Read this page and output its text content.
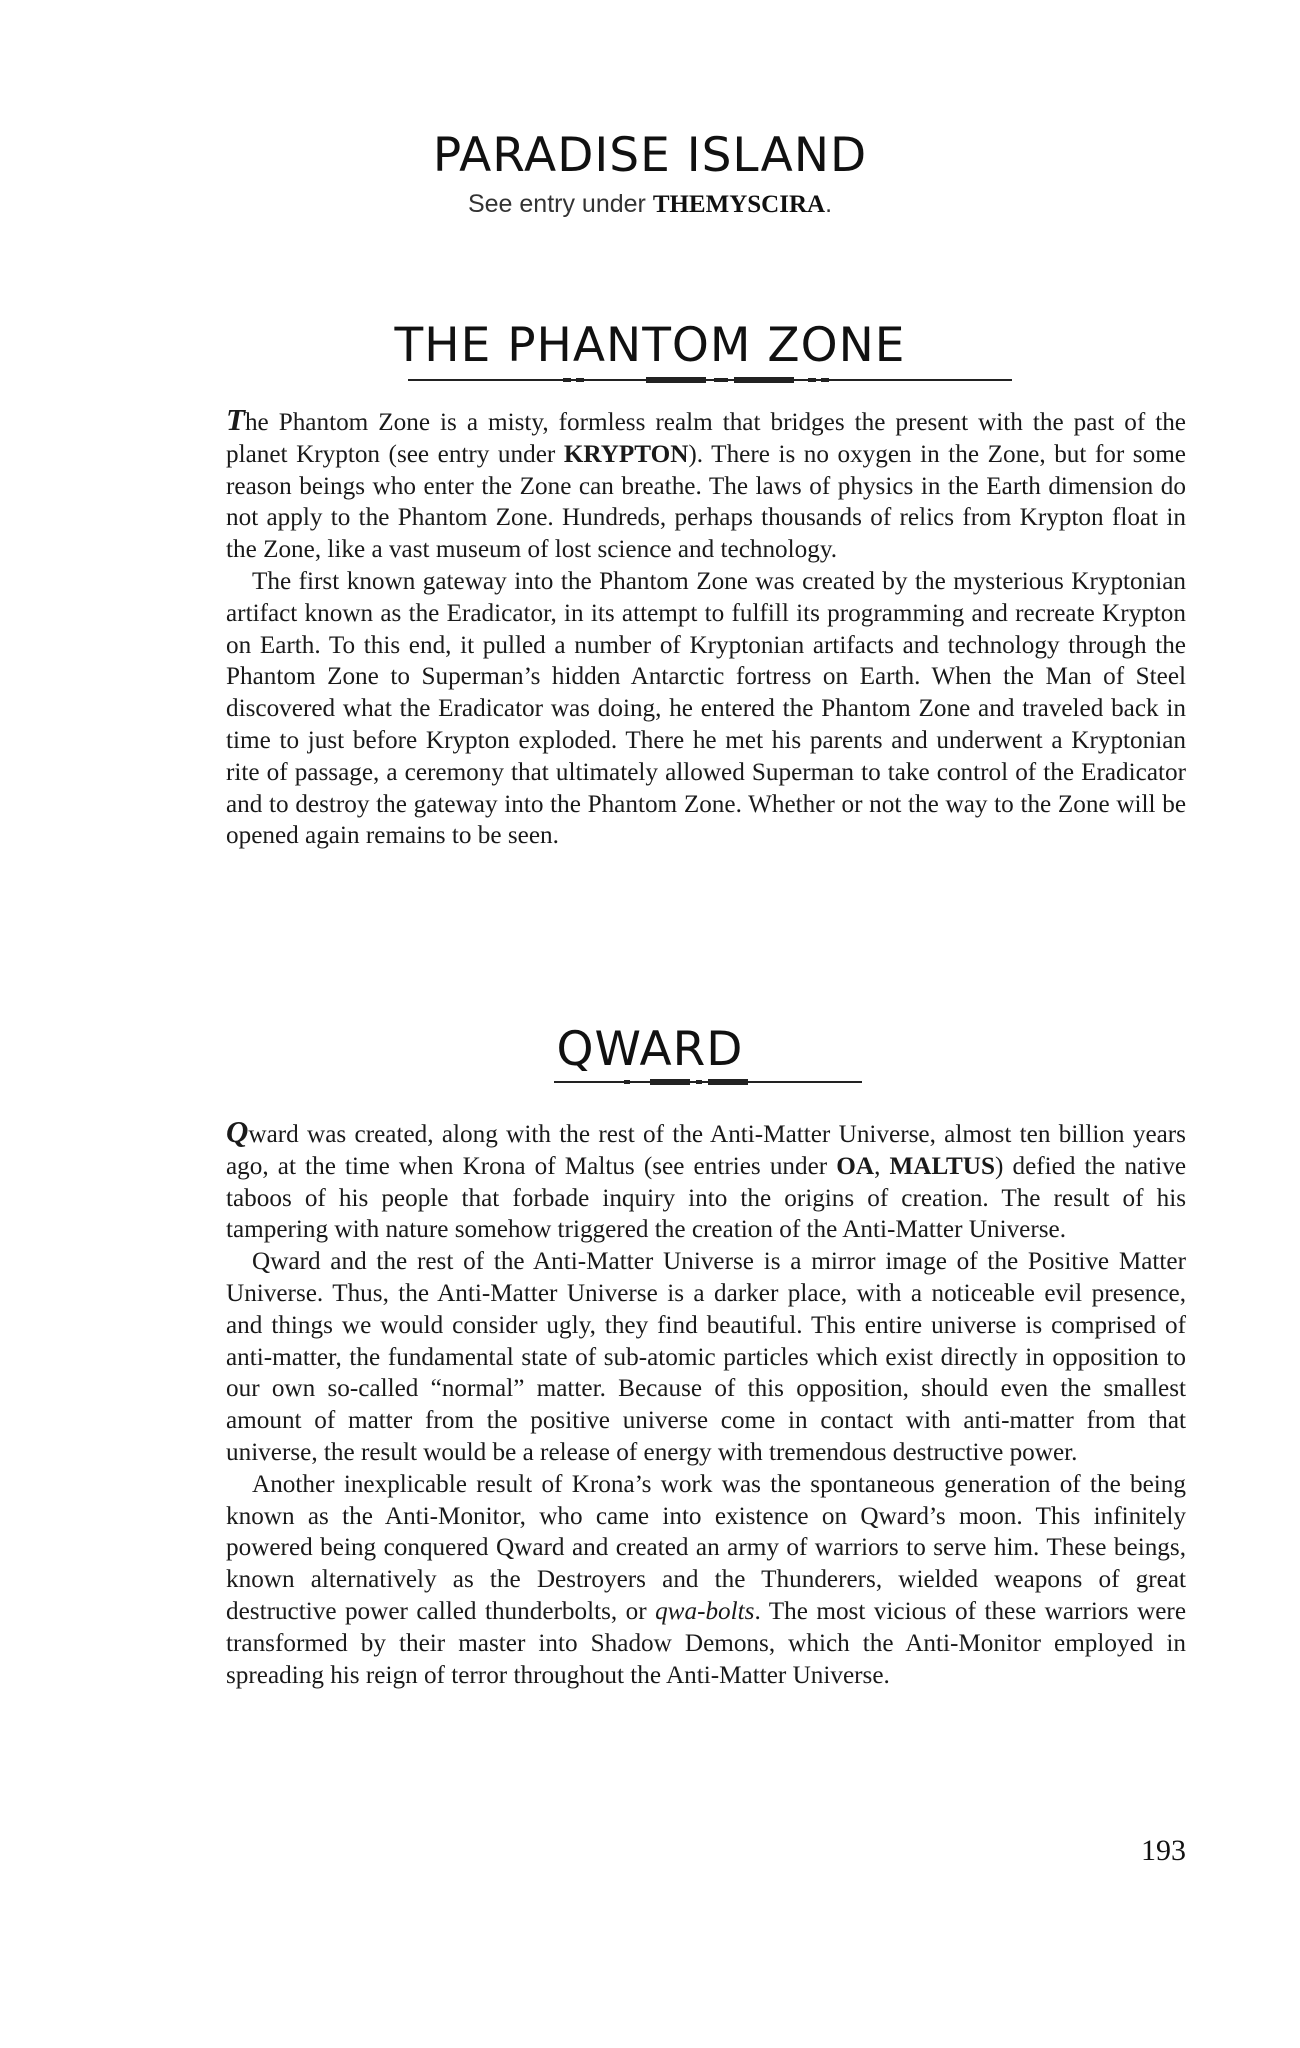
PARADISE ISLAND
See entry under THEMYSCIRA.
THE PHANTOM ZONE

The Phantom Zone is a misty, formless realm that bridges the present with the past of the planet Krypton (see entry under KRYPTON). There is no oxygen in the Zone, but for some reason beings who enter the Zone can breathe. The laws of physics in the Earth dimension do not apply to the Phantom Zone. Hundreds, perhaps thousands of relics from Krypton float in the Zone, like a vast museum of lost science and technology.

The first known gateway into the Phantom Zone was created by the mysterious Kryptonian artifact known as the Eradicator, in its attempt to fulfill its programming and recreate Krypton on Earth. To this end, it pulled a number of Kryptonian artifacts and technology through the Phantom Zone to Superman’s hidden Antarctic fortress on Earth. When the Man of Steel discovered what the Eradicator was doing, he entered the Phantom Zone and traveled back in time to just before Krypton exploded. There he met his parents and underwent a Kryptonian rite of passage, a ceremony that ultimately allowed Superman to take control of the Eradicator and to destroy the gateway into the Phantom Zone. Whether or not the way to the Zone will be opened again remains to be seen.

QWARD

Qward was created, along with the rest of the Anti-Matter Universe, almost ten billion years ago, at the time when Krona of Maltus (see entries under OA, MALTUS) defied the native taboos of his people that forbade inquiry into the origins of creation. The result of his tampering with nature somehow triggered the creation of the Anti-Matter Universe.

Qward and the rest of the Anti-Matter Universe is a mirror image of the Positive Matter Universe. Thus, the Anti-Matter Universe is a darker place, with a noticeable evil presence, and things we would consider ugly, they find beautiful. This entire universe is comprised of anti-matter, the fundamental state of sub-atomic particles which exist directly in opposition to our own so-called “normal” matter. Because of this opposition, should even the smallest amount of matter from the positive universe come in contact with anti-matter from that universe, the result would be a release of energy with tremendous destructive power.

Another inexplicable result of Krona’s work was the spontaneous generation of the being known as the Anti-Monitor, who came into existence on Qward’s moon. This infinitely powered being conquered Qward and created an army of warriors to serve him. These beings, known alternatively as the Destroyers and the Thunderers, wielded weapons of great destructive power called thunderbolts, or qwa-bolts. The most vicious of these warriors were transformed by their master into Shadow Demons, which the Anti-Monitor employed in spreading his reign of terror throughout the Anti-Matter Universe.

193
